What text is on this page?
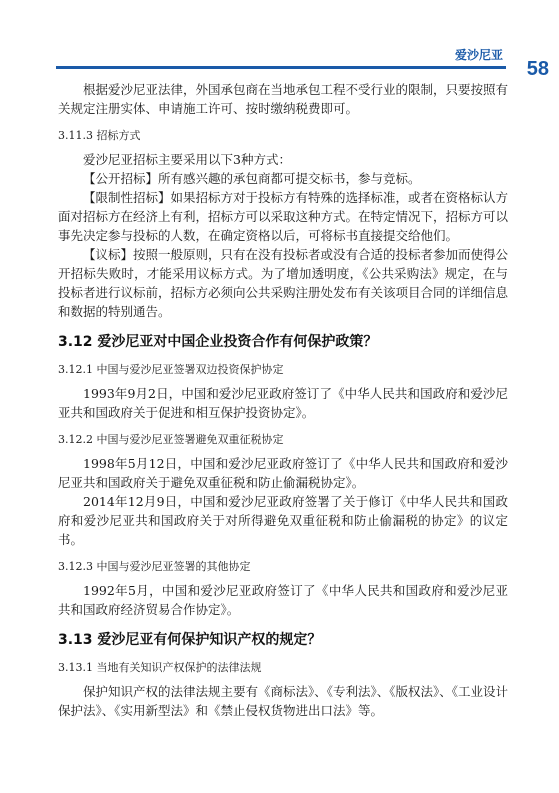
爱沙尼亚
58

根据爱沙尼亚法律，外国承包商在当地承包工程不受行业的限制，只要按照有关规定注册实体、申请施工许可、按时缴纳税费即可。

3.11.3 招标方式

爱沙尼亚招标主要采用以下3种方式：

【公开招标】所有感兴趣的承包商都可提交标书，参与竞标。

【限制性招标】如果招标方对于投标方有特殊的选择标准，或者在资格标认方面对招标方在经济上有利，招标方可以采取这种方式。在特定情况下，招标方可以事先决定参与投标的人数，在确定资格以后，可将标书直接提交给他们。

【议标】按照一般原则，只有在没有投标者或没有合适的投标者参加而使得公开招标失败时，才能采用议标方式。为了增加透明度，《公共采购法》规定，在与投标者进行议标前，招标方必须向公共采购注册处发布有关该项目合同的详细信息和数据的特别通告。

3.12 爱沙尼亚对中国企业投资合作有何保护政策？
3.12.1 中国与爱沙尼亚签署双边投资保护协定

1993年9月2日，中国和爱沙尼亚政府签订了《中华人民共和国政府和爱沙尼亚共和国政府关于促进和相互保护投资协定》。

3.12.2 中国与爱沙尼亚签署避免双重征税协定

1998年5月12日，中国和爱沙尼亚政府签订了《中华人民共和国政府和爱沙尼亚共和国政府关于避免双重征税和防止偷漏税协定》。

2014年12月9日，中国和爱沙尼亚政府签署了关于修订《中华人民共和国政府和爱沙尼亚共和国政府关于对所得避免双重征税和防止偷漏税的协定》的议定书。

3.12.3 中国与爱沙尼亚签署的其他协定

1992年5月，中国和爱沙尼亚政府签订了《中华人民共和国政府和爱沙尼亚共和国政府经济贸易合作协定》。

3.13 爱沙尼亚有何保护知识产权的规定？
3.13.1 当地有关知识产权保护的法律法规

保护知识产权的法律法规主要有《商标法》、《专利法》、《版权法》、《工业设计保护法》、《实用新型法》和《禁止侵权货物进出口法》等。
